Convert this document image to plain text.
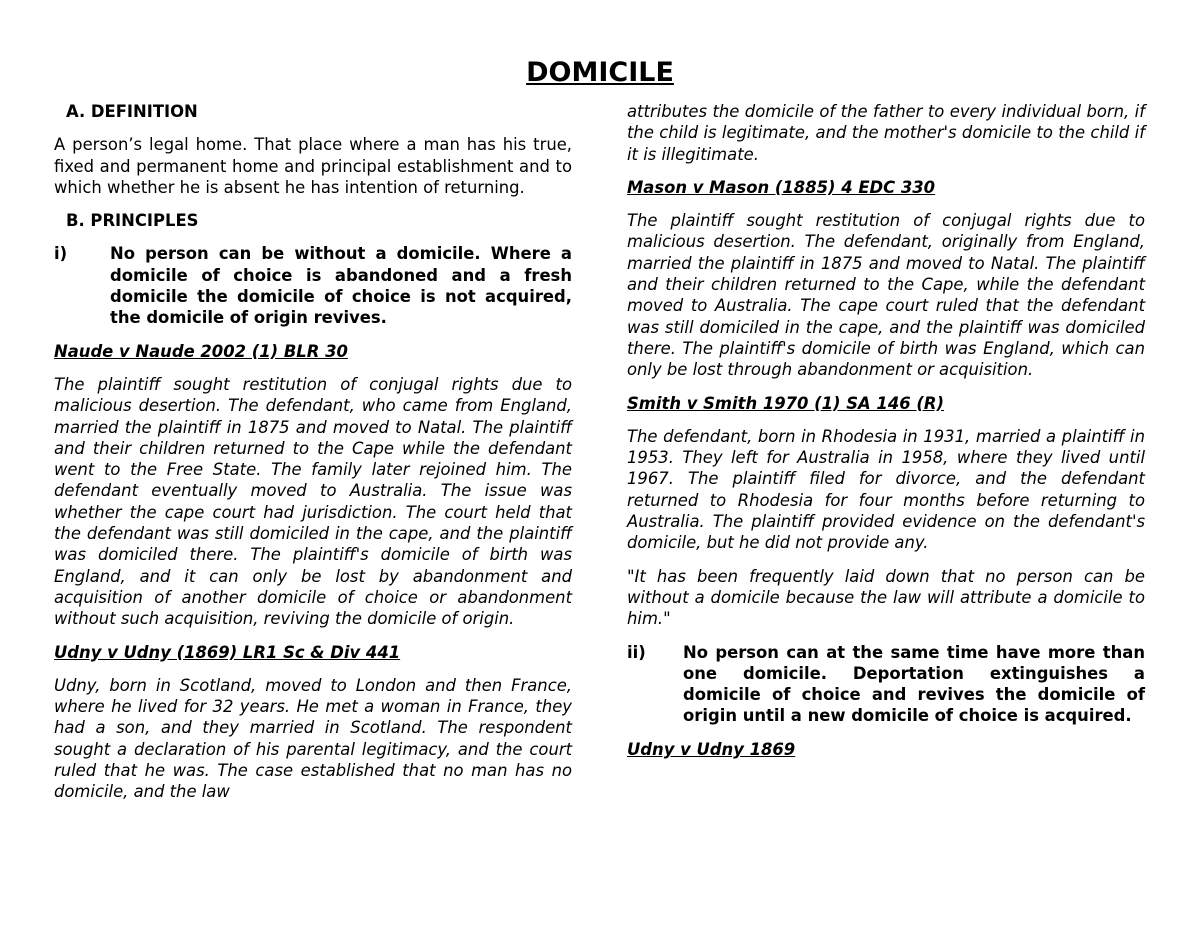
DOMICILE

A. DEFINITION

A person’s legal home. That place where a man has his true, fixed and permanent home and principal establishment and to which whether he is absent he has intention of returning.

B. PRINCIPLES

i)	No person can be without a domicile. Where a domicile of choice is abandoned and a fresh domicile the domicile of choice is not acquired, the domicile of origin revives.

Naude v Naude 2002 (1) BLR 30

The plaintiff sought restitution of conjugal rights due to malicious desertion. The defendant, who came from England, married the plaintiff in 1875 and moved to Natal. The plaintiff and their children returned to the Cape while the defendant went to the Free State. The family later rejoined him. The defendant eventually moved to Australia. The issue was whether the cape court had jurisdiction. The court held that the defendant was still domiciled in the cape, and the plaintiff was domiciled there. The plaintiff's domicile of birth was England, and it can only be lost by abandonment and acquisition of another domicile of choice or abandonment without such acquisition, reviving the domicile of origin.

Udny v Udny (1869) LR1 Sc & Div 441

Udny, born in Scotland, moved to London and then France, where he lived for 32 years. He met a woman in France, they had a son, and they married in Scotland. The respondent sought a declaration of his parental legitimacy, and the court ruled that he was. The case established that no man has no domicile, and the law

attributes the domicile of the father to every individual born, if the child is legitimate, and the mother's domicile to the child if it is illegitimate.

Mason v Mason (1885) 4 EDC 330

The plaintiff sought restitution of conjugal rights due to malicious desertion. The defendant, originally from England, married the plaintiff in 1875 and moved to Natal. The plaintiff and their children returned to the Cape, while the defendant moved to Australia. The cape court ruled that the defendant was still domiciled in the cape, and the plaintiff was domiciled there. The plaintiff's domicile of birth was England, which can only be lost through abandonment or acquisition.

Smith v Smith 1970 (1) SA 146 (R)

The defendant, born in Rhodesia in 1931, married a plaintiff in 1953. They left for Australia in 1958, where they lived until 1967. The plaintiff filed for divorce, and the defendant returned to Rhodesia for four months before returning to Australia. The plaintiff provided evidence on the defendant's domicile, but he did not provide any.

"It has been frequently laid down that no person can be without a domicile because the law will attribute a domicile to him."

ii)	No person can at the same time have more than one domicile. Deportation extinguishes a domicile of choice and revives the domicile of origin until a new domicile of choice is acquired.

Udny v Udny 1869
